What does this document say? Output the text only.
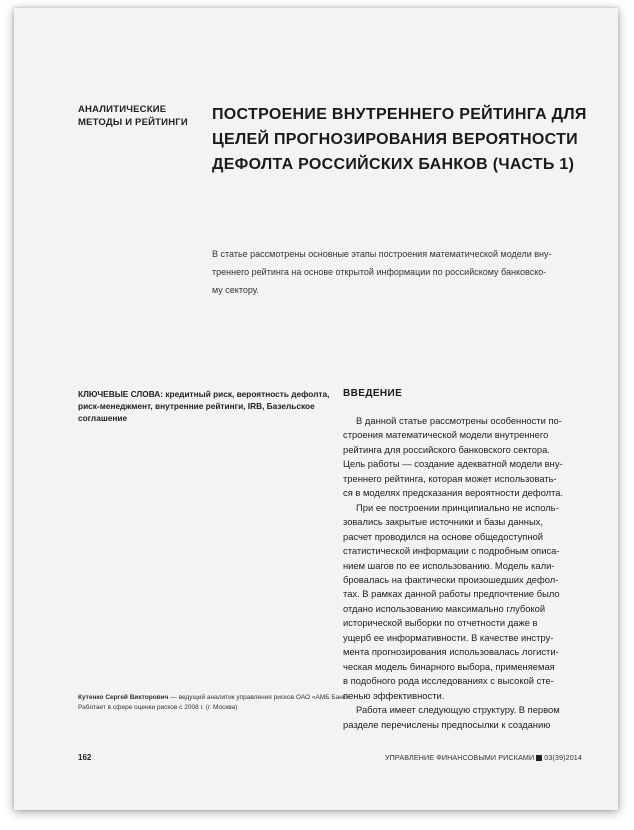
АНАЛИТИЧЕСКИЕ
МЕТОДЫ И РЕЙТИНГИ	ПОСТРОЕНИЕ ВНУТРЕННЕГО РЕЙТИНГА ДЛЯ
ЦЕЛЕЙ ПРОГНОЗИРОВАНИЯ ВЕРОЯТНОСТИ
ДЕФОЛТА РОССИЙСКИХ БАНКОВ (ЧАСТЬ 1)
В статье рассмотрены основные этапы построения математической модели вну-
треннего рейтинга на основе открытой информации по российскому банковско-
му сектору.
КЛЮЧЕВЫЕ СЛОВА: кредитный риск, вероятность дефолта,
риск-менеджмент, внутренние рейтинги, IRB, Базельское
соглашение
ВВЕДЕНИЕ
В данной статье рассмотрены особенности по-
строения математической модели внутреннего
рейтинга для российского банковского сектора.
Цель работы — создание адекватной модели вну-
треннего рейтинга, которая может использовать-
ся в моделях предсказания вероятности дефолта.
При ее построении принципиально не исполь-
зовались закрытые источники и базы данных,
расчет проводился на основе общедоступной
статистической информации с подробным описа-
нием шагов по ее использованию. Модель кали-
бровалась на фактически произошедших дефол-
тах. В рамках данной работы предпочтение было
отдано использованию максимально глубокой
исторической выборки по отчетности даже в
ущерб ее информативности. В качестве инстру-
мента прогнозирования использовалась логисти-
ческая модель бинарного выбора, применяемая
в подобного рода исследованиях с высокой сте-
пенью эффективности.
Работа имеет следующую структуру. В первом
разделе перечислены предпосылки к созданию
Кутенко Сергей Викторович — ведущий аналитик управления рисков ОАО «АМБ Банк».
Работает в сфере оценки рисков с 2008 г. (г. Москва)
162	УПРАВЛЕНИЕ ФИНАНСОВЫМИ РИСКАМИ 03(39)2014
